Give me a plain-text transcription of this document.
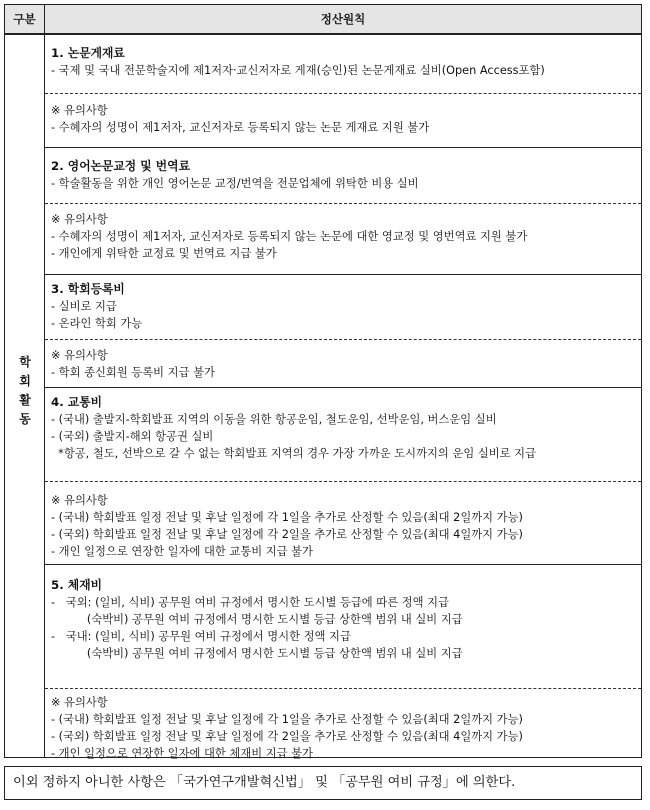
구분	정산원칙
학
회
활
동
1. 논문게재료
- 국제 및 국내 전문학술지에 제1저자·교신저자로 게재(승인)된 논문게재료 실비(Open Access포함)
※ 유의사항
- 수혜자의 성명이 제1저자, 교신저자로 등록되지 않는 논문 게재료 지원 불가
2. 영어논문교정 및 번역료
- 학술활동을 위한 개인 영어논문 교정/번역을 전문업체에 위탁한 비용 실비
※ 유의사항
- 수혜자의 성명이 제1저자, 교신저자로 등록되지 않는 논문에 대한 영교정 및 영번역료 지원 불가
- 개인에게 위탁한 교정료 및 번역료 지급 불가
3. 학회등록비
- 실비로 지급
- 온라인 학회 가능
※ 유의사항
- 학회 종신회원 등록비 지급 불가
4. 교통비
- (국내) 출발지-학회발표 지역의 이동을 위한 항공운임, 철도운임, 선박운임, 버스운임 실비
- (국외) 출발지-해외 항공권 실비
*항공, 철도, 선박으로 갈 수 없는 학회발표 지역의 경우 가장 가까운 도시까지의 운임 실비로 지급
※ 유의사항
- (국내) 학회발표 일정 전날 및 후날 일정에 각 1일을 추가로 산정할 수 있음(최대 2일까지 가능)
- (국외) 학회발표 일정 전날 및 후날 일정에 각 2일을 추가로 산정할 수 있음(최대 4일까지 가능)
- 개인 일정으로 연장한 일자에 대한 교통비 지급 불가
5. 체재비
-   국외: (일비, 식비) 공무원 여비 규정에서 명시한 도시별 등급에 따른 정액 지급
(숙박비) 공무원 여비 규정에서 명시한 도시별 등급 상한액 범위 내 실비 지급
-   국내: (일비, 식비) 공무원 여비 규정에서 명시한 정액 지급
(숙박비) 공무원 여비 규정에서 명시한 도시별 등급 상한액 범위 내 실비 지급
※ 유의사항
- (국내) 학회발표 일정 전날 및 후날 일정에 각 1일을 추가로 산정할 수 있음(최대 2일까지 가능)
- (국외) 학회발표 일정 전날 및 후날 일정에 각 2일을 추가로 산정할 수 있음(최대 4일까지 가능)
- 개인 일정으로 연장한 일자에 대한 체재비 지급 불가
이외 정하지 아니한 사항은 「국가연구개발혁신법」 및 「공무원 여비 규정」에 의한다.
